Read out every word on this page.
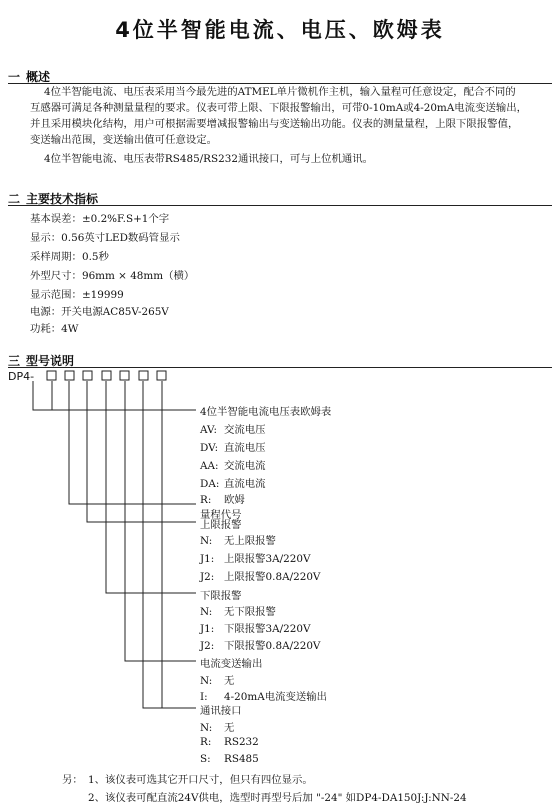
4位半智能电流、电压、欧姆表
一 概述
4位半智能电流、电压表采用当今最先进的ATMEL单片微机作主机，输入量程可任意设定，配合不同的
互感器可满足各种测量量程的要求。仪表可带上限、下限报警输出，可带0-10mA或4-20mA电流变送输出，
并且采用模块化结构，用户可根据需要增减报警输出与变送输出功能。仪表的测量量程，上限下限报警值，
变送输出范围，变送输出值可任意设定。
4位半智能电流、电压表带RS485/RS232通讯接口，可与上位机通讯。
二 主要技术指标
基本误差：±0.2%F.S+1个字
显示：0.56英寸LED数码管显示
采样周期：0.5秒
外型尺寸：96mm × 48mm（横）
显示范围：±19999
电源：开关电源AC85V-265V
功耗：4W
三 型号说明
DP4-
4位半智能电流电压表欧姆表
AV: 交流电压
DV: 直流电压
AA: 交流电流
DA: 直流电流
R: 欧姆
量程代号
上限报警
N: 无上限报警
J1: 上限报警3A/220V
J2: 上限报警0.8A/220V
下限报警
N: 无下限报警
J1: 下限报警3A/220V
J2: 下限报警0.8A/220V
电流变送输出
N: 无
I: 4-20mA电流变送输出
通讯接口
N: 无
R: RS232
S: RS485
另： 1、该仪表可选其它开口尺寸，但只有四位显示。
2、该仪表可配直流24V供电，选型时再型号后加 "-24" 如DP4-DA150J:J:NN-24
